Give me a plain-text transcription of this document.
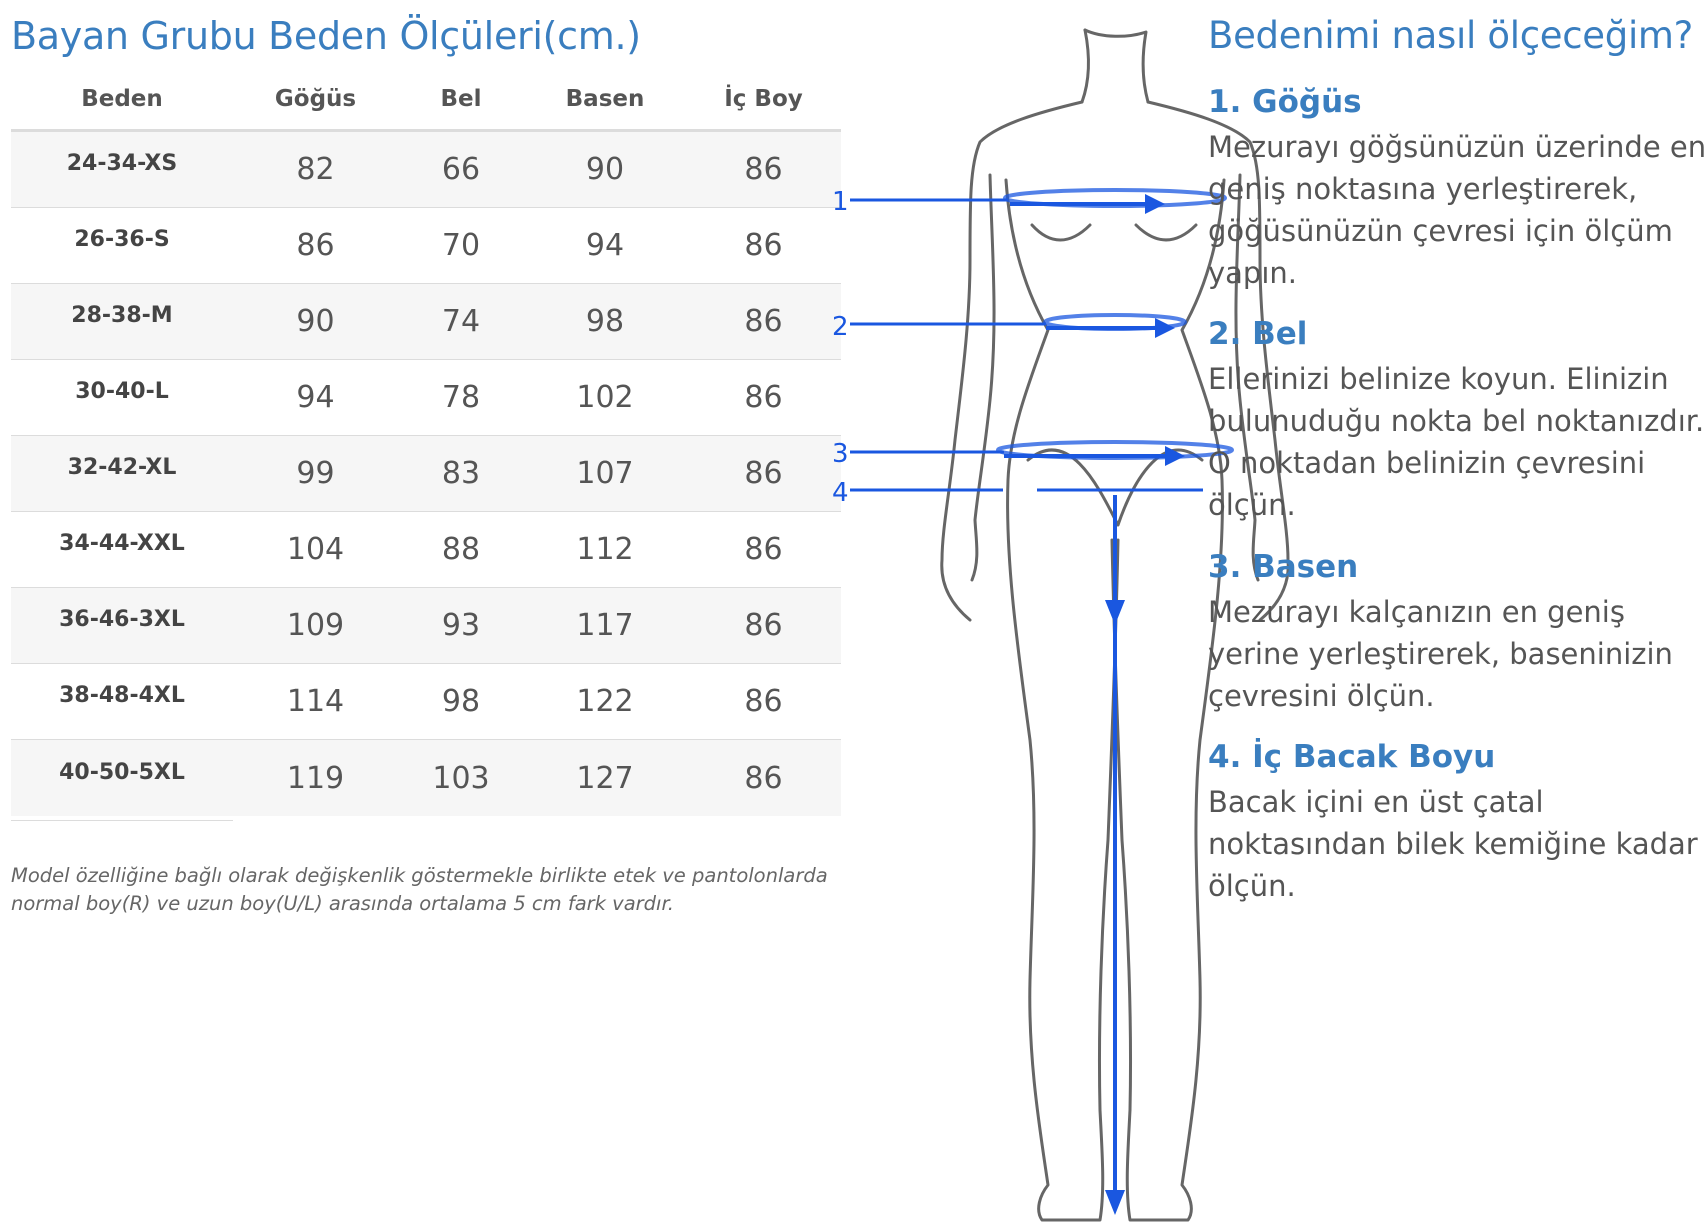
Bayan Grubu Beden Ölçüleri(cm.)
Beden	Göğüs	Bel	Basen	İç Boy
24-34-XS	82	66	90	86
26-36-S	86	70	94	86
28-38-M	90	74	98	86
30-40-L	94	78	102	86
32-42-XL	99	83	107	86
34-44-XXL	104	88	112	86
36-46-3XL	109	93	117	86
38-48-4XL	114	98	122	86
40-50-5XL	119	103	127	86
Model özelliğine bağlı olarak değişkenlik göstermekle birlikte etek ve pantolonlarda
normal boy(R) ve uzun boy(U/L) arasında ortalama 5 cm fark vardır.
1
2
3
4
Bedenimi nasıl ölçeceğim?
1. Göğüs
Mezurayı göğsünüzün üzerinde en
geniş noktasına yerleştirerek,
göğüsünüzün çevresi için ölçüm
yapın.
2. Bel
Ellerinizi belinize koyun. Elinizin
bulunuduğu nokta bel noktanızdır.
O noktadan belinizin çevresini
ölçün.
3. Basen
Mezurayı kalçanızın en geniş
yerine yerleştirerek, baseninizin
çevresini ölçün.
4. İç Bacak Boyu
Bacak içini en üst çatal
noktasından bilek kemiğine kadar
ölçün.
